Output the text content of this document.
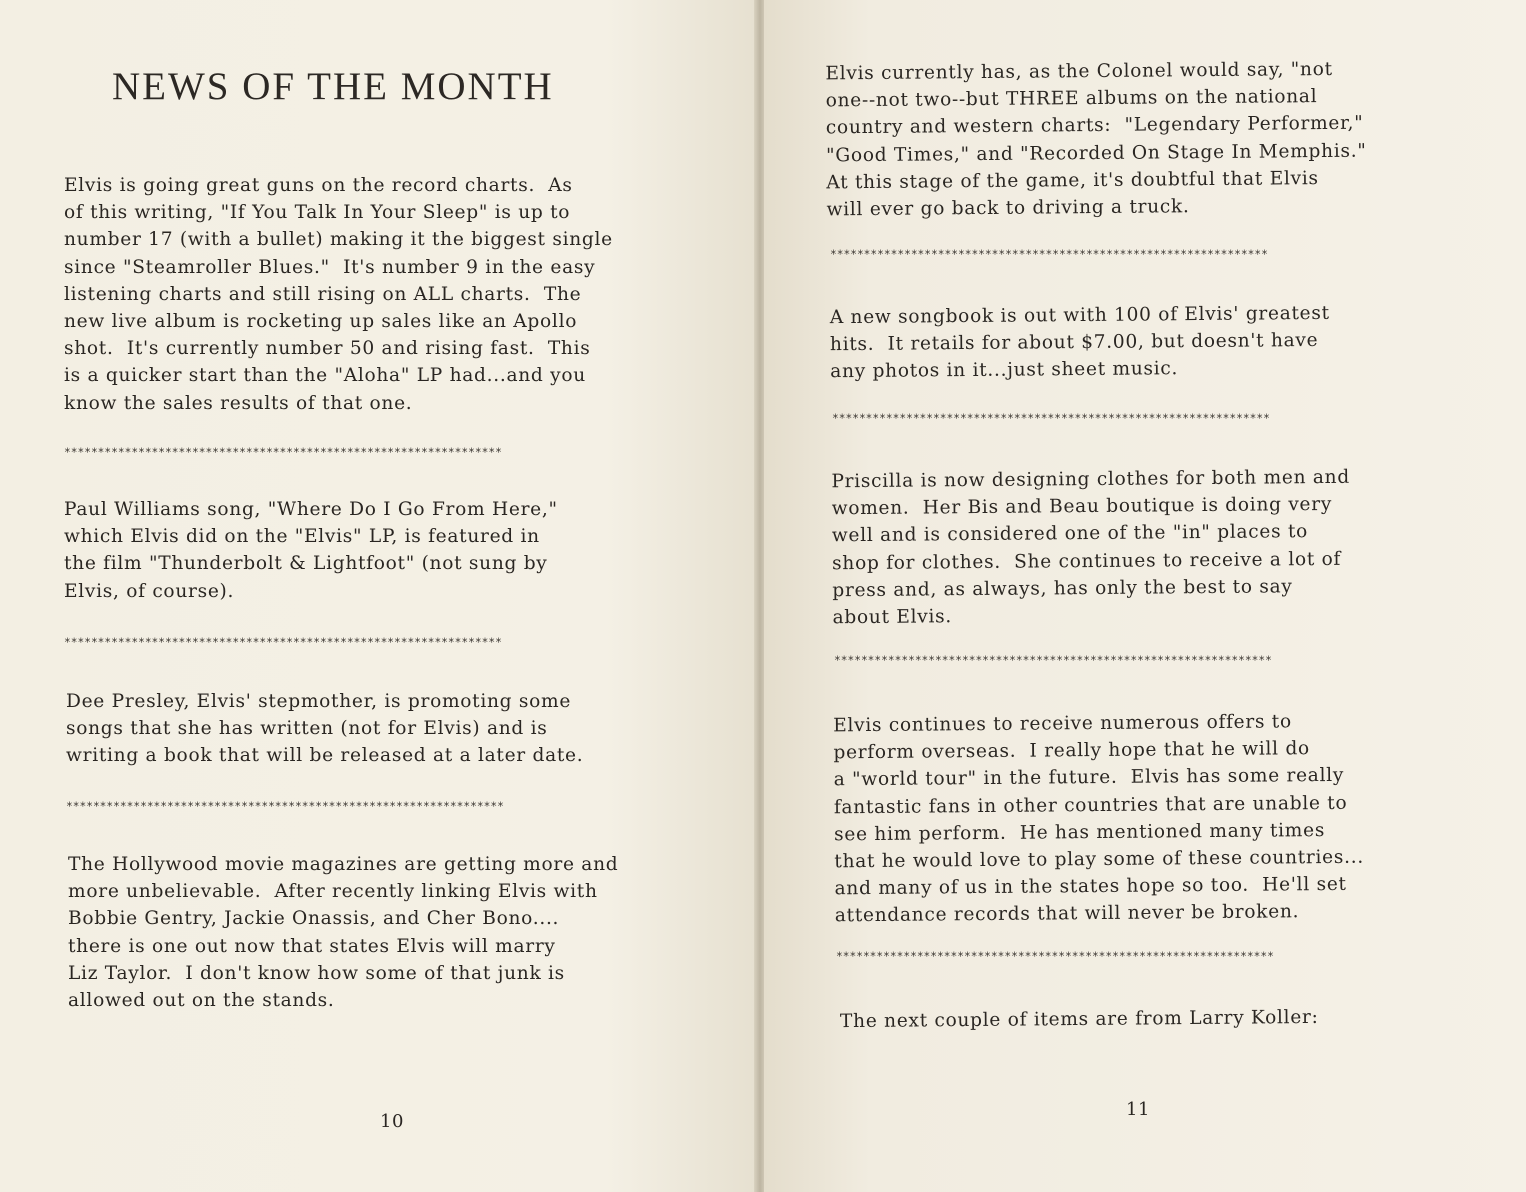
NEWS OF THE MONTH

Elvis is going great guns on the record charts.  As
of this writing, "If You Talk In Your Sleep" is up to
number 17 (with a bullet) making it the biggest single
since "Steamroller Blues."  It's number 9 in the easy
listening charts and still rising on ALL charts.  The
new live album is rocketing up sales like an Apollo
shot.  It's currently number 50 and rising fast.  This
is a quicker start than the "Aloha" LP had...and you
know the sales results of that one.

*****************************************************************

Paul Williams song, "Where Do I Go From Here,"
which Elvis did on the "Elvis" LP, is featured in
the film "Thunderbolt & Lightfoot" (not sung by
Elvis, of course).

*****************************************************************

Dee Presley, Elvis' stepmother, is promoting some
songs that she has written (not for Elvis) and is
writing a book that will be released at a later date.

*****************************************************************

The Hollywood movie magazines are getting more and
more unbelievable.  After recently linking Elvis with
Bobbie Gentry, Jackie Onassis, and Cher Bono....
there is one out now that states Elvis will marry
Liz Taylor.  I don't know how some of that junk is
allowed out on the stands.

10

Elvis currently has, as the Colonel would say, "not
one--not two--but THREE albums on the national
country and western charts:  "Legendary Performer,"
"Good Times," and "Recorded On Stage In Memphis."
At this stage of the game, it's doubtful that Elvis
will ever go back to driving a truck.

*****************************************************************

A new songbook is out with 100 of Elvis' greatest
hits.  It retails for about $7.00, but doesn't have
any photos in it...just sheet music.

*****************************************************************

Priscilla is now designing clothes for both men and
women.  Her Bis and Beau boutique is doing very
well and is considered one of the "in" places to
shop for clothes.  She continues to receive a lot of
press and, as always, has only the best to say
about Elvis.

*****************************************************************

Elvis continues to receive numerous offers to
perform overseas.  I really hope that he will do
a "world tour" in the future.  Elvis has some really
fantastic fans in other countries that are unable to
see him perform.  He has mentioned many times
that he would love to play some of these countries...
and many of us in the states hope so too.  He'll set
attendance records that will never be broken.

*****************************************************************

The next couple of items are from Larry Koller:

11
